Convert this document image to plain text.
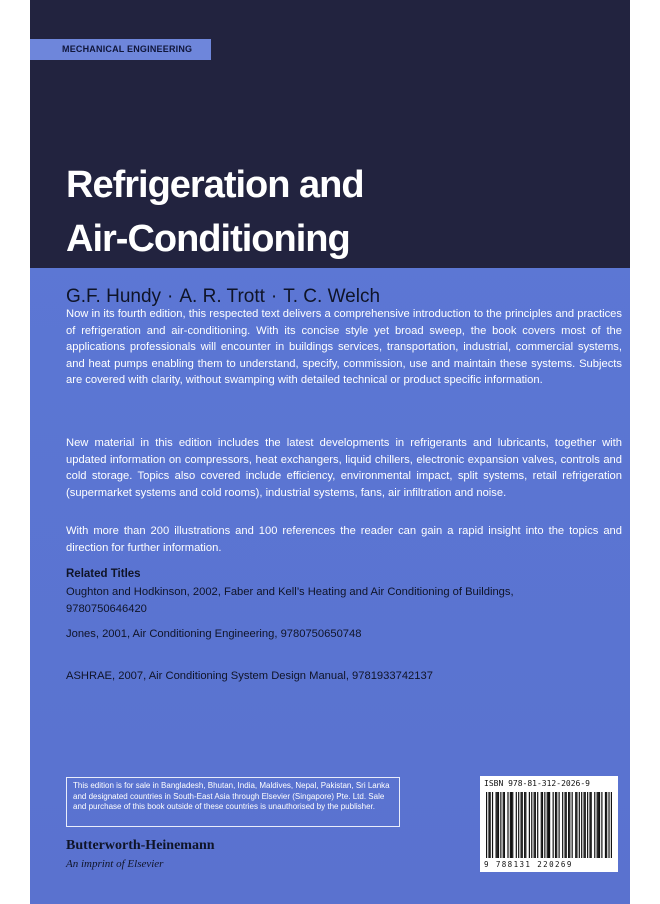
MECHANICAL ENGINEERING
Refrigeration and
Air-Conditioning
G.F. Hundy · A. R. Trott · T. C. Welch

Now in its fourth edition, this respected text delivers a comprehensive introduction to the principles and practices of refrigeration and air-conditioning. With its concise style yet broad sweep, the book covers most of the applications professionals will encounter in buildings services, transportation, industrial, commercial systems, and heat pumps enabling them to understand, specify, commission, use and maintain these systems. Subjects are covered with clarity, without swamping with detailed technical or product specific information.

New material in this edition includes the latest developments in refrigerants and lubricants, together with updated information on compressors, heat exchangers, liquid chillers, electronic expansion valves, controls and cold storage. Topics also covered include efficiency, environmental impact, split systems, retail refrigeration (supermarket systems and cold rooms), industrial systems, fans, air infiltration and noise.

With more than 200 illustrations and 100 references the reader can gain a rapid insight into the topics and direction for further information.

Related Titles
Oughton and Hodkinson, 2002, Faber and Kell’s Heating and Air Conditioning of Buildings, 9780750646420
Jones, 2001, Air Conditioning Engineering, 9780750650748
ASHRAE, 2007, Air Conditioning System Design Manual, 9781933742137
This edition is for sale in Bangladesh, Bhutan, India, Maldives, Nepal, Pakistan, Sri Lanka and designated countries in South-East Asia through Elsevier (Singapore) Pte. Ltd. Sale and purchase of this book outside of these countries is unauthorised by the publisher.
Butterworth-Heinemann
An imprint of Elsevier
ISBN 978-81-312-2026-9
9 788131 220269
